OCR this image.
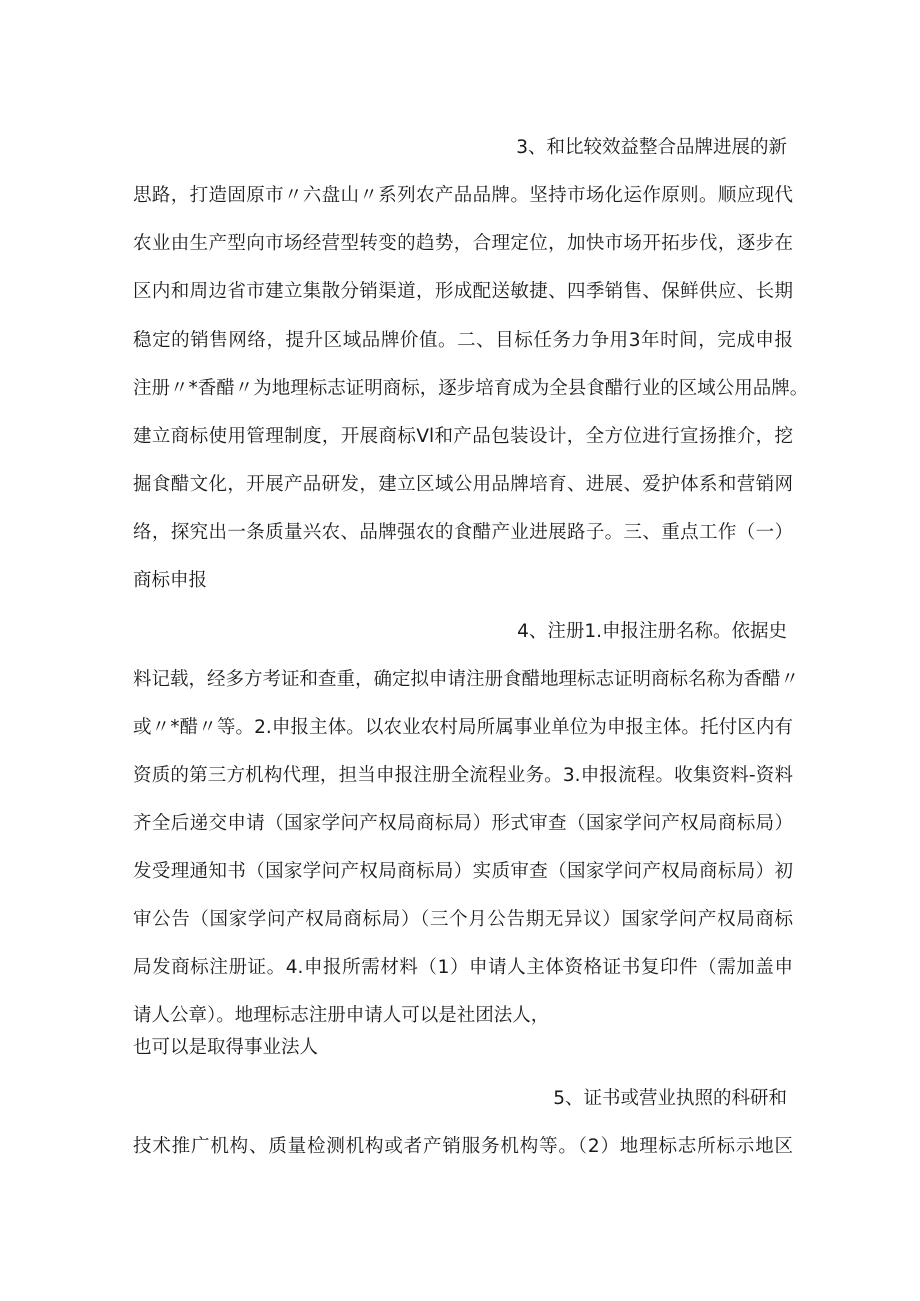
3、和比较效益整合品牌进展的新
思路，打造固原市〃六盘山〃系列农产品品牌。坚持市场化运作原则。顺应现代
农业由生产型向市场经营型转变的趋势，合理定位，加快市场开拓步伐，逐步在
区内和周边省市建立集散分销渠道，形成配送敏捷、四季销售、保鲜供应、长期
稳定的销售网络，提升区域品牌价值。二、目标任务力争用3年时间，完成申报
注册〃*香醋〃为地理标志证明商标，逐步培育成为全县食醋行业的区域公用品牌。
建立商标使用管理制度，开展商标Vl和产品包装设计，全方位进行宣扬推介，挖
掘食醋文化，开展产品研发，建立区域公用品牌培育、进展、爱护体系和营销网
络，探究出一条质量兴农、品牌强农的食醋产业进展路子。三、重点工作（一）
商标申报
4、注册1.申报注册名称。依据史
料记载，经多方考证和查重，确定拟申请注册食醋地理标志证明商标名称为香醋〃
或〃*醋〃等。2.申报主体。以农业农村局所属事业单位为申报主体。托付区内有
资质的第三方机构代理，担当申报注册全流程业务。3.申报流程。收集资料-资料
齐全后递交申请（国家学问产权局商标局）形式审查（国家学问产权局商标局）
发受理通知书（国家学问产权局商标局）实质审查（国家学问产权局商标局）初
审公告（国家学问产权局商标局）（三个月公告期无异议）国家学问产权局商标
局发商标注册证。4.申报所需材料（1）申请人主体资格证书复印件（需加盖申
请人公章）。地理标志注册申请人可以是社团法人，
也可以是取得事业法人
5、证书或营业执照的科研和
技术推广机构、质量检测机构或者产销服务机构等。（2）地理标志所标示地区
